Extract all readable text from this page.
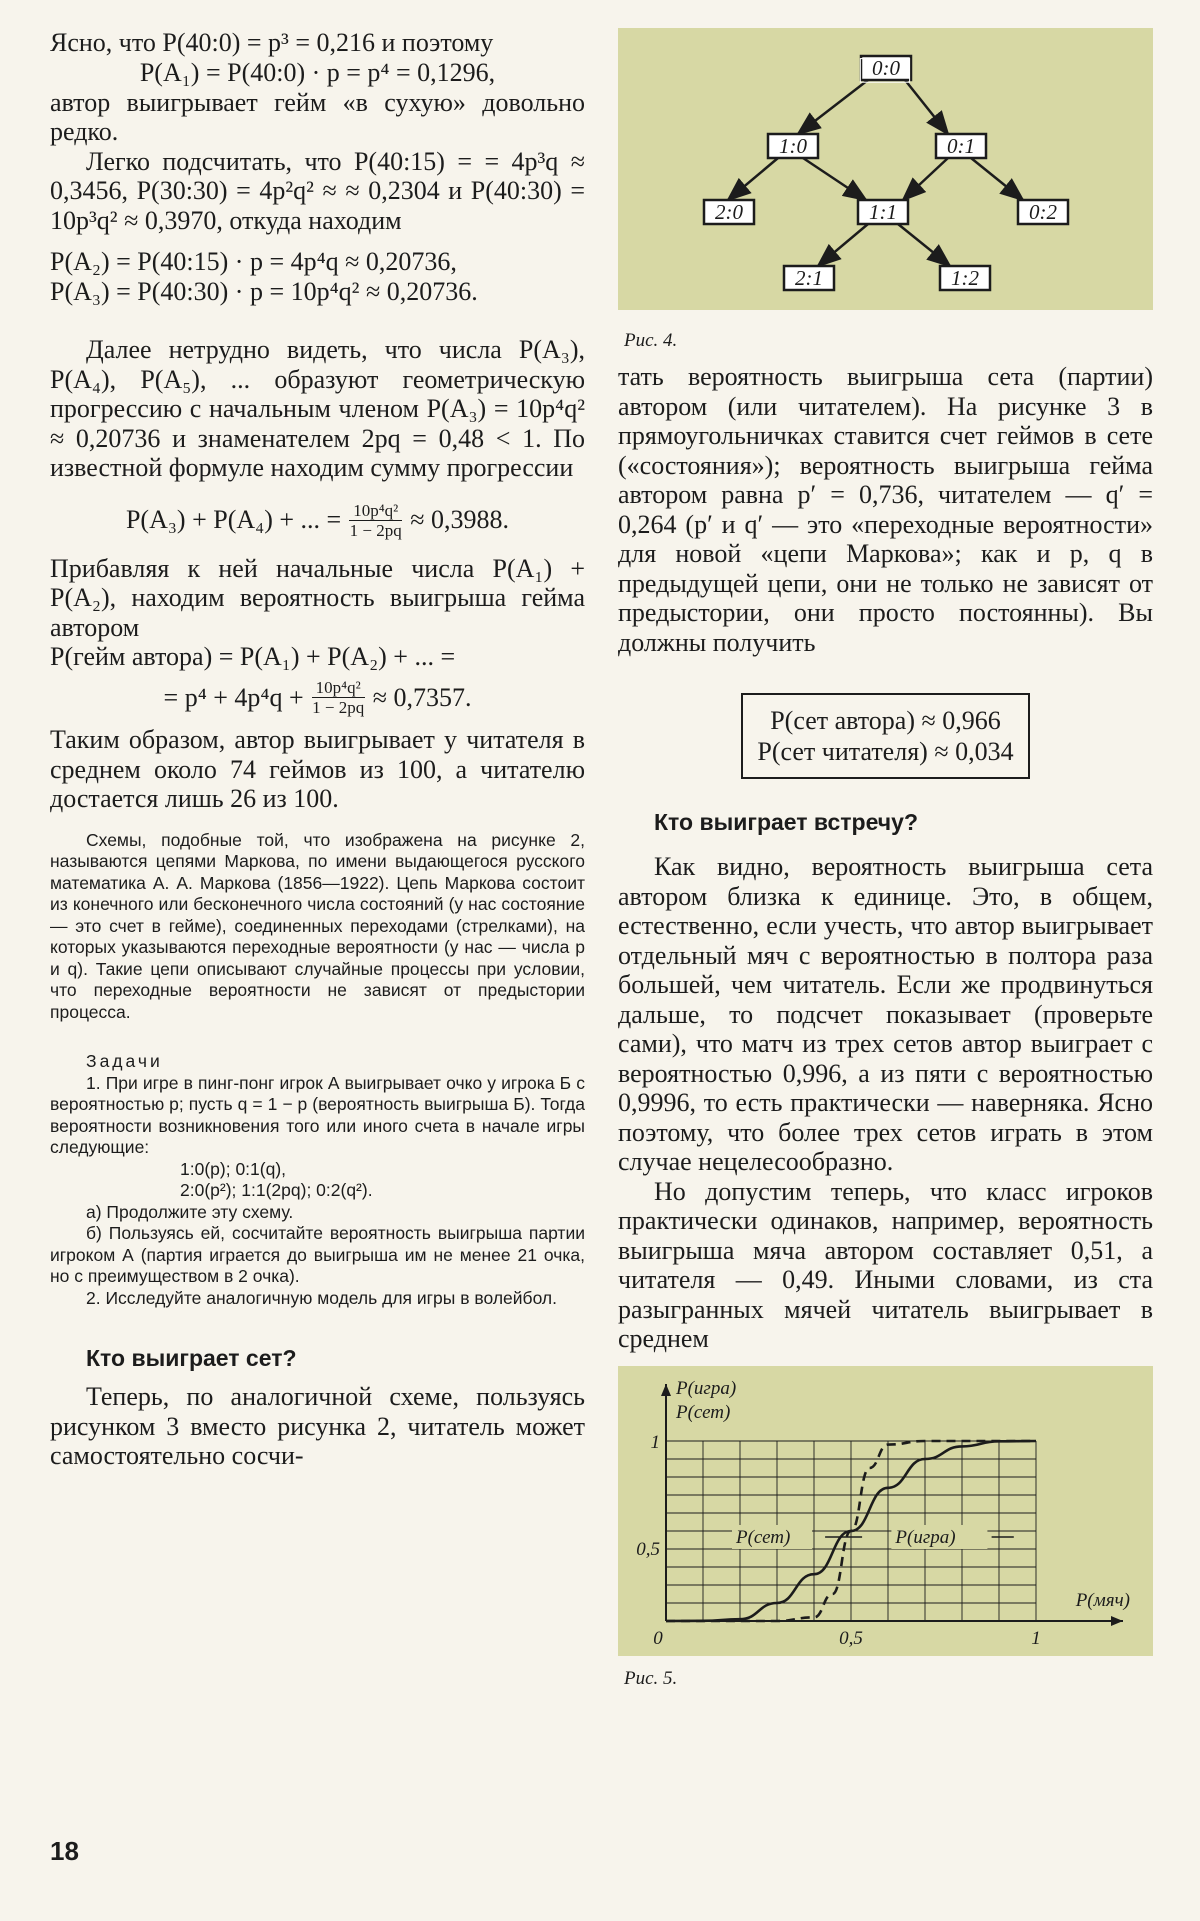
Ясно, что P(40:0) = p³ = 0,216 и поэтому

P(A₁) = P(40:0) · p = p⁴ = 0,1296,

автор выигрывает гейм «в сухую» довольно редко.

Легко подсчитать, что P(40:15) = = 4p³q ≈ 0,3456, P(30:30) = 4p²q² ≈ ≈ 0,2304 и P(40:30) = 10p³q² ≈ 0,3970, откуда находим

P(A₂) = P(40:15) · p = 4p⁴q ≈ 0,20736,

P(A₃) = P(40:30) · p = 10p⁴q² ≈ 0,20736.

Далее нетрудно видеть, что числа P(A₃), P(A₄), P(A₅), ... образуют геометрическую прогрессию с начальным членом P(A₃) = 10p⁴q² ≈ 0,20736 и знаменателем 2pq = 0,48 < 1. По известной формуле находим сумму прогрессии

P(A₃) + P(A₄) + ... = $\frac{\text{10p⁴q²}}{1 - 2pq} \approx 0,3988$.

Прибавляя к ней начальные числа P(A₁) + P(A₂), находим вероятность выигрыша гейма автором

P(гейм автора) = P(A₁) + P(A₂) + ... =

= $p^4 + 4p^4q + \frac{\text{10p⁴q²}}{1 - 2pq} \approx 0,7357$.

Таким образом, автор выигрывает у читателя в среднем около 74 геймов из 100, а читателю достается лишь 26 из 100.

Схемы, подобные той, что изображена на рисунке 2, называются цепями Маркова, по имени выдающегося русского математика А. А. Маркова (1856—1922). Цепь Маркова состоит из конечного или бесконечного числа состояний (у нас состояние — это счет в гейме), соединенных переходами (стрелками), на которых указываются переходные вероятности (у нас — числа p и q). Такие цепи описывают случайные процессы при условии, что переходные вероятности не зависят от предыстории процесса.

Задачи

1. При игре в пинг-понг игрок А выигрывает очко у игрока Б с вероятностью p; пусть q = 1 − p (вероятность выигрыша Б). Тогда вероятности возникновения того или иного счета в начале игры следующие:

1:0(p); 0:1(q),

2:0(p²); 1:1(2pq); 0:2(q²).

а) Продолжите эту схему.

б) Пользуясь ей, сосчитайте вероятность выигрыша партии игроком А (партия играется до выигрыша им не менее 21 очка, но с преимуществом в 2 очка).

2. Исследуйте аналогичную модель для игры в волейбол.

Кто выиграет сет?

Теперь, по аналогичной схеме, пользуясь рисунком 3 вместо рисунка 2, читатель может самостоятельно сосчи-

0:0
1:0	0:1
2:0	1:1	0:2
2:1	1:2

Рис. 4.

тать вероятность выигрыша сета (партии) автором (или читателем). На рисунке 3 в прямоугольничках ставится счет геймов в сете («состояния»); вероятность выигрыша гейма автором равна p′ = 0,736, читателем — q′ = 0,264 (p′ и q′ — это «переходные вероятности» для новой «цепи Маркова»; как и p, q в предыдущей цепи, они не только не зависят от предыстории, они просто постоянны). Вы должны получить

P(сет автора) ≈ 0,966
P(сет читателя) ≈ 0,034

Кто выиграет встречу?

Как видно, вероятность выигрыша сета автором близка к единице. Это, в общем, естественно, если учесть, что автор выигрывает отдельный мяч с вероятностью в полтора раза большей, чем читатель. Если же продвинуться дальше, то подсчет показывает (проверьте сами), что матч из трех сетов автор выиграет с вероятностью 0,996, а из пяти с вероятностью 0,9996, то есть практически — наверняка. Ясно поэтому, что более трех сетов играть в этом случае нецелесообразно.

Но допустим теперь, что класс игроков практически одинаков, например, вероятность выигрыша мяча автором составляет 0,51, а читателя — 0,49. Иными словами, из ста разыгранных мячей читатель выигрывает в среднем

P(игра)
P(сет)
1
0,5
0	0,5	1
P(мяч)
P(сет)	P(игра)

Рис. 5.

18
